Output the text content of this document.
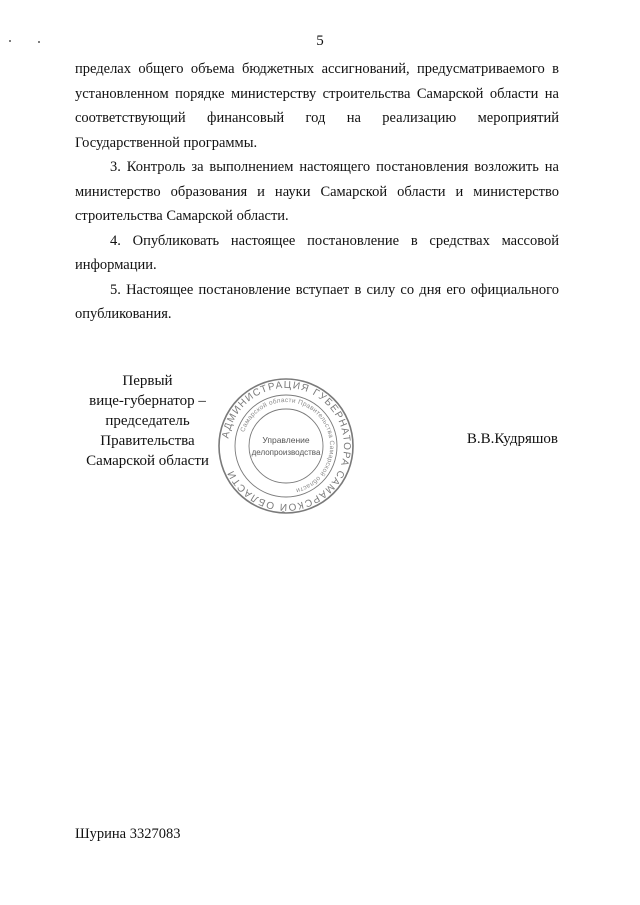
5

пределах общего объема бюджетных ассигнований, предусматриваемого в установленном порядке министерству строительства Самарской области на соответствующий финансовый год на реализацию мероприятий Государственной программы.

3. Контроль за выполнением настоящего постановления возложить на министерство образования и науки Самарской области и министерство строительства Самарской области.

4. Опубликовать настоящее постановление в средствах массовой информации.

5. Настоящее постановление вступает в силу со дня его официального опубликования.

Первый
вице-губернатор –
председатель Правительства
Самарской области
АДМИНИСТРАЦИЯ ГУБЕРНАТОРА САМАРСКОЙ ОБЛАСТИ
Самарской области Правительства Самарской области
Управление
делопроизводства
В.В.Кудряшов
Шурина 3327083
